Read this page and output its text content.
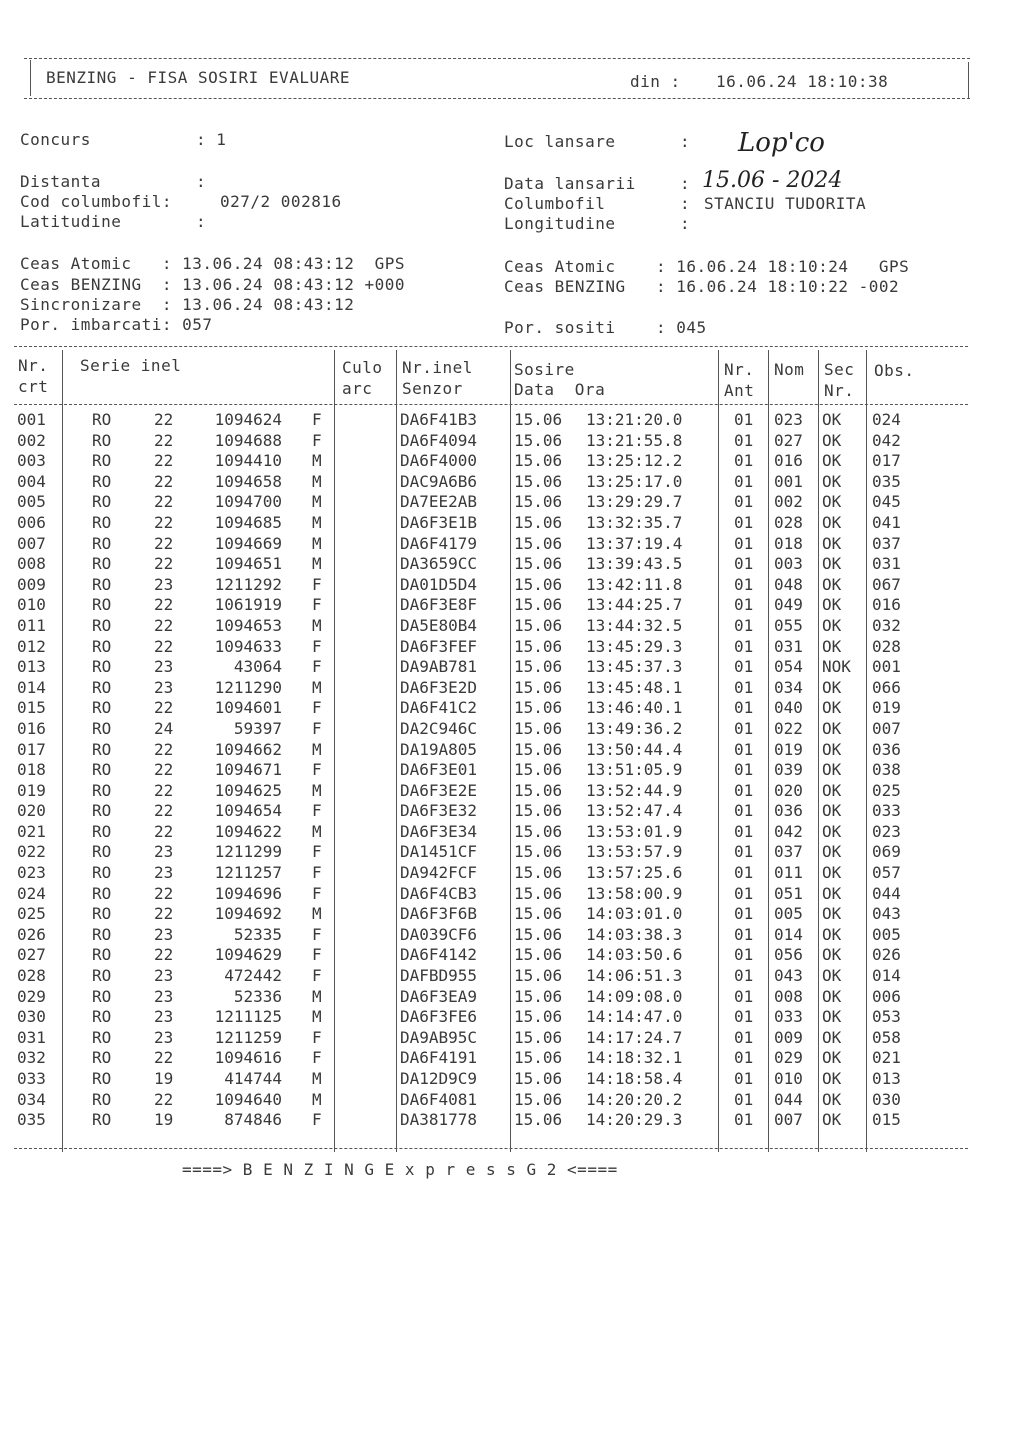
BENZING - FISA SOSIRI EVALUARE	din : 16.06.24 18:10:38
Concurs	: 1	Loc lansare	: Lop'co
Distanta	:
Cod columbofil:	027/2 002816
Latitudine	:
Data lansarii	: 15.06 - 2024
Columbofil	: STANCIU TUDORITA
Longitudine	:
Ceas Atomic   : 13.06.24 08:43:12  GPS
Ceas BENZING  : 13.06.24 08:43:12 +000
Sincronizare  : 13.06.24 08:43:12
Por. imbarcati: 057
Ceas Atomic    : 16.06.24 18:10:24   GPS
Ceas BENZING   : 16.06.24 18:10:22 -002
Por. sositi    : 045
Nr.
crt
Serie inel	Culo
arc
Nr.inel
Senzor
Sosire
Data  Ora
Nr.
Ant
Nom Sec
Nr.
Obs.
001	RO	22	1094624 F	DA6F41B3 15.06 13:21:20.0	01 023 OK 024
002	RO	22	1094688 F	DA6F4094 15.06 13:21:55.8	01 027 OK 042
003	RO	22	1094410 M	DA6F4000 15.06 13:25:12.2	01 016 OK 017
004	RO	22	1094658 M	DAC9A6B6 15.06 13:25:17.0	01 001 OK 035
005	RO	22	1094700 M	DA7EE2AB 15.06 13:29:29.7	01 002 OK 045
006	RO	22	1094685 M	DA6F3E1B 15.06 13:32:35.7	01 028 OK 041
007	RO	22	1094669 M	DA6F4179 15.06 13:37:19.4	01 018 OK 037
008	RO	22	1094651 M	DA3659CC 15.06 13:39:43.5	01 003 OK 031
009	RO	23	1211292 F	DA01D5D4 15.06 13:42:11.8	01 048 OK 067
010	RO	22	1061919 F	DA6F3E8F 15.06 13:44:25.7	01 049 OK 016
011	RO	22	1094653 M	DA5E80B4 15.06 13:44:32.5	01 055 OK 032
012	RO	22	1094633 F	DA6F3FEF 15.06 13:45:29.3	01 031 OK 028
013	RO	23	43064 F	DA9AB781 15.06 13:45:37.3	01 054 NOK 001
014	RO	23	1211290 M	DA6F3E2D 15.06 13:45:48.1	01 034 OK 066
015	RO	22	1094601 F	DA6F41C2 15.06 13:46:40.1	01 040 OK 019
016	RO	24	59397 F	DA2C946C 15.06 13:49:36.2	01 022 OK 007
017	RO	22	1094662 M	DA19A805 15.06 13:50:44.4	01 019 OK 036
018	RO	22	1094671 F	DA6F3E01 15.06 13:51:05.9	01 039 OK 038
019	RO	22	1094625 M	DA6F3E2E 15.06 13:52:44.9	01 020 OK 025
020	RO	22	1094654 F	DA6F3E32 15.06 13:52:47.4	01 036 OK 033
021	RO	22	1094622 M	DA6F3E34 15.06 13:53:01.9	01 042 OK 023
022	RO	23	1211299 F	DA1451CF 15.06 13:53:57.9	01 037 OK 069
023	RO	23	1211257 F	DA942FCF 15.06 13:57:25.6	01 011 OK 057
024	RO	22	1094696 F	DA6F4CB3 15.06 13:58:00.9	01 051 OK 044
025	RO	22	1094692 M	DA6F3F6B 15.06 14:03:01.0	01 005 OK 043
026	RO	23	52335 F	DA039CF6 15.06 14:03:38.3	01 014 OK 005
027	RO	22	1094629 F	DA6F4142 15.06 14:03:50.6	01 056 OK 026
028	RO	23	472442 F	DAFBD955 15.06 14:06:51.3	01 043 OK 014
029	RO	23	52336 M	DA6F3EA9 15.06 14:09:08.0	01 008 OK 006
030	RO	23	1211125 M	DA6F3FE6 15.06 14:14:47.0	01 033 OK 053
031	RO	23	1211259 F	DA9AB95C 15.06 14:17:24.7	01 009 OK 058
032	RO	22	1094616 F	DA6F4191 15.06 14:18:32.1	01 029 OK 021
033	RO	19	414744 M	DA12D9C9 15.06 14:18:58.4	01 010 OK 013
034	RO	22	1094640 M	DA6F4081 15.06 14:20:20.2	01 044 OK 030
035	RO	19	874846 F	DA381778 15.06 14:20:29.3	01 007 OK 015
====> B E N Z I N G E x p r e s s G 2 <====
